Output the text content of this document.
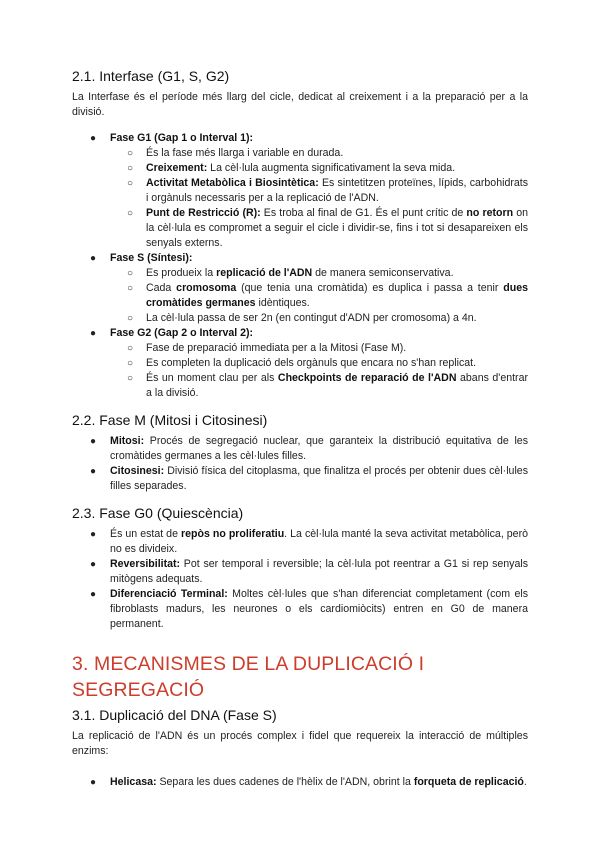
2.1. Interfase (G1, S, G2)

La Interfase és el període més llarg del cicle, dedicat al creixement i a la preparació per a la divisió.

● Fase G1 (Gap 1 o Interval 1):
○ És la fase més llarga i variable en durada.
○ Creixement: La cèl·lula augmenta significativament la seva mida.
○ Activitat Metabòlica i Biosintètica: Es sintetitzen proteïnes, lípids, carbohidrats i orgànuls necessaris per a la replicació de l'ADN.
○ Punt de Restricció (R): Es troba al final de G1. És el punt crític de no retorn on la cèl·lula es compromet a seguir el cicle i dividir-se, fins i tot si desapareixen els senyals externs.
● Fase S (Síntesi):
○ Es produeix la replicació de l'ADN de manera semiconservativa.
○ Cada cromosoma (que tenia una cromàtida) es duplica i passa a tenir dues cromàtides germanes idèntiques.
○ La cèl·lula passa de ser 2n (en contingut d'ADN per cromosoma) a 4n.
● Fase G2 (Gap 2 o Interval 2):
○ Fase de preparació immediata per a la Mitosi (Fase M).
○ Es completen la duplicació dels orgànuls que encara no s'han replicat.
○ És un moment clau per als Checkpoints de reparació de l'ADN abans d'entrar a la divisió.
2.2. Fase M (Mitosi i Citosinesi)
● Mitosi: Procés de segregació nuclear, que garanteix la distribució equitativa de les cromàtides germanes a les cèl·lules filles.
● Citosinesi: Divisió física del citoplasma, que finalitza el procés per obtenir dues cèl·lules filles separades.
2.3. Fase G0 (Quiescència)
● És un estat de repòs no proliferatiu. La cèl·lula manté la seva activitat metabòlica, però no es divideix.
● Reversibilitat: Pot ser temporal i reversible; la cèl·lula pot reentrar a G1 si rep senyals mitògens adequats.
● Diferenciació Terminal: Moltes cèl·lules que s'han diferenciat completament (com els fibroblasts madurs, les neurones o els cardiomiòcits) entren en G0 de manera permanent.
3. MECANISMES DE LA DUPLICACIÓ I SEGREGACIÓ
3.1. Duplicació del DNA (Fase S)

La replicació de l'ADN és un procés complex i fidel que requereix la interacció de múltiples enzims:

● Helicasa: Separa les dues cadenes de l'hèlix de l'ADN, obrint la forqueta de replicació.
